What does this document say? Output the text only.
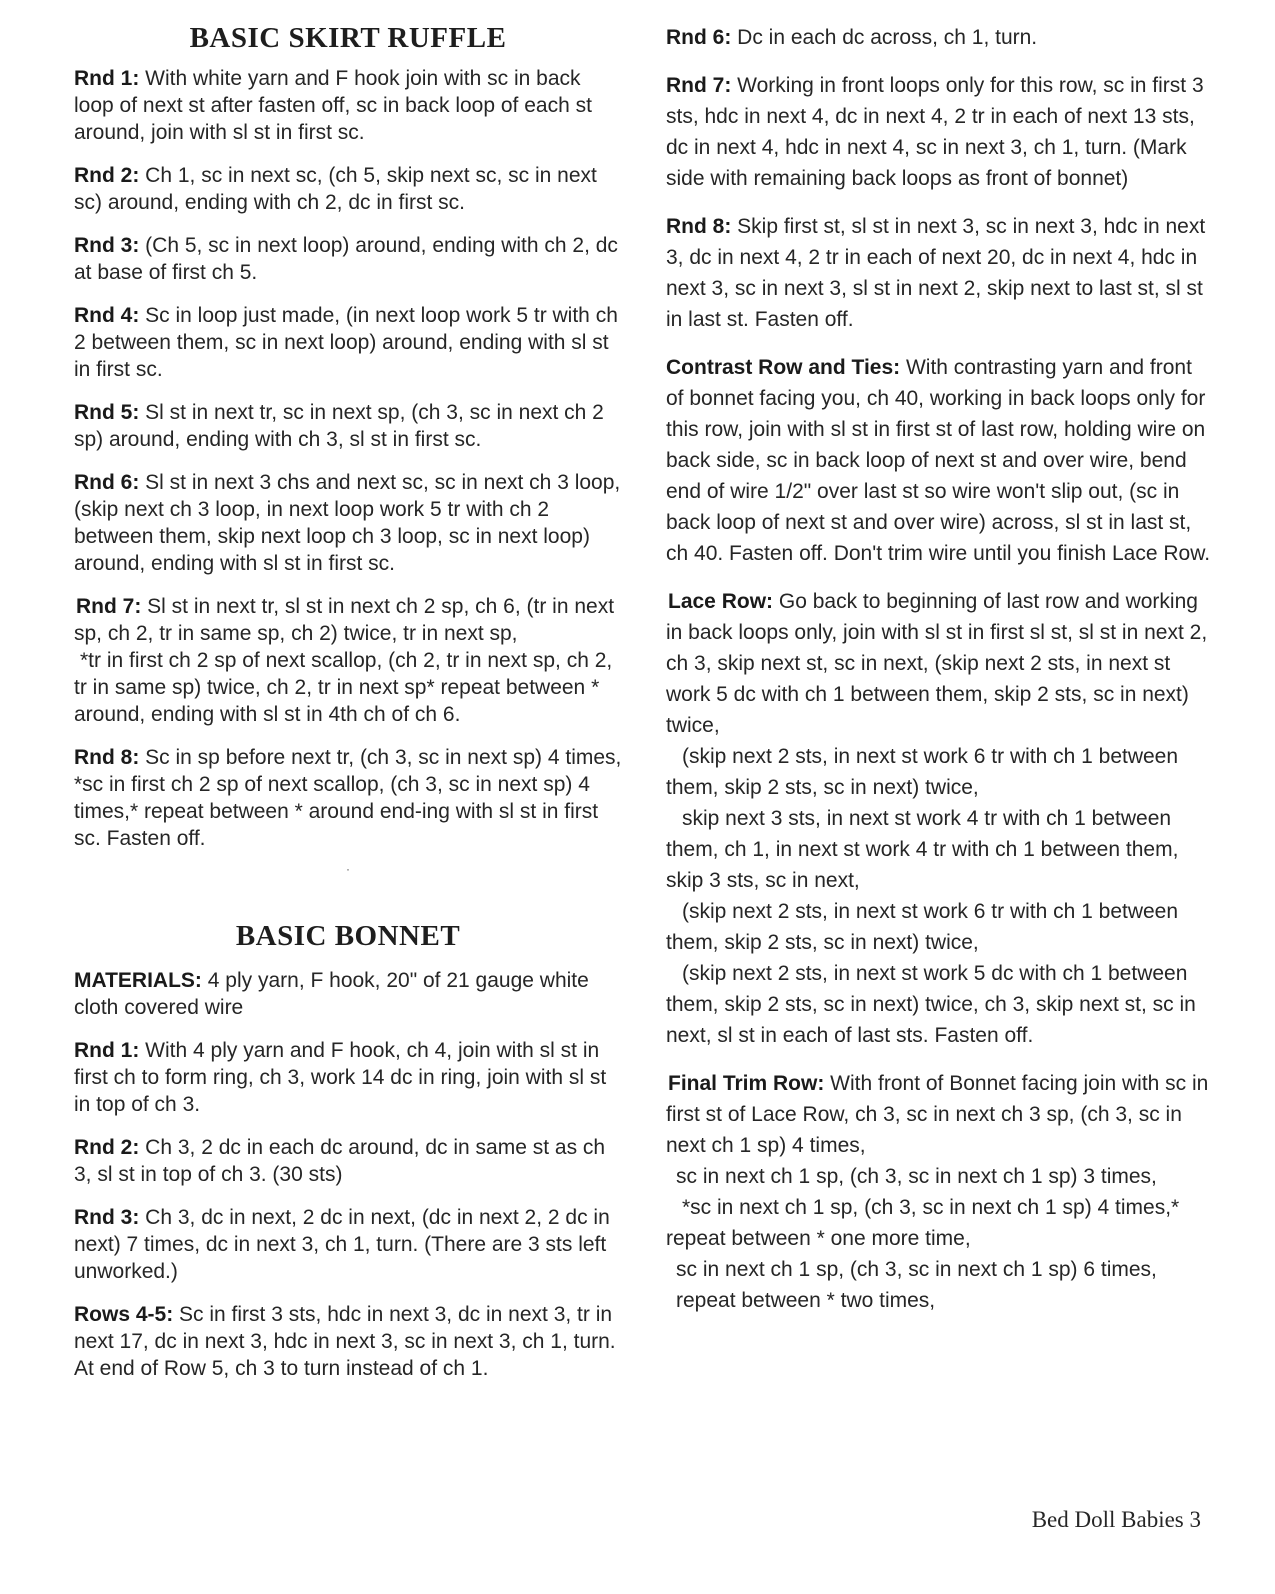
BASIC SKIRT RUFFLE

Rnd 1: With white yarn and F hook join with sc in back loop of next st after fasten off, sc in back loop of each st around, join with sl st in first sc.

Rnd 2: Ch 1, sc in next sc, (ch 5, skip next sc, sc in next sc) around, ending with ch 2, dc in first sc.

Rnd 3: (Ch 5, sc in next loop) around, ending with ch 2, dc at base of first ch 5.

Rnd 4: Sc in loop just made, (in next loop work 5 tr with ch 2 between them, sc in next loop) around, ending with sl st in first sc.

Rnd 5: Sl st in next tr, sc in next sp, (ch 3, sc in next ch 2 sp) around, ending with ch 3, sl st in first sc.

Rnd 6: Sl st in next 3 chs and next sc, sc in next ch 3 loop, (skip next ch 3 loop, in next loop work 5 tr with ch 2 between them, skip next loop ch 3 loop, sc in next loop) around, ending with sl st in first sc.

Rnd 7: Sl st in next tr, sl st in next ch 2 sp, ch 6, (tr in next sp, ch 2, tr in same sp, ch 2) twice, tr in next sp,

*tr in first ch 2 sp of next scallop, (ch 2, tr in next sp, ch 2, tr in same sp) twice, ch 2, tr in next sp* repeat between * around, ending with sl st in 4th ch of ch 6.

Rnd 8: Sc in sp before next tr, (ch 3, sc in next sp) 4 times, *sc in first ch 2 sp of next scallop, (ch 3, sc in next sp) 4 times,* repeat between * around end-ing with sl st in first sc. Fasten off.

·
BASIC BONNET

MATERIALS: 4 ply yarn, F hook, 20" of 21 gauge white cloth covered wire

Rnd 1: With 4 ply yarn and F hook, ch 4, join with sl st in first ch to form ring, ch 3, work 14 dc in ring, join with sl st in top of ch 3.

Rnd 2: Ch 3, 2 dc in each dc around, dc in same st as ch 3, sl st in top of ch 3. (30 sts)

Rnd 3: Ch 3, dc in next, 2 dc in next, (dc in next 2, 2 dc in next) 7 times, dc in next 3, ch 1, turn. (There are 3 sts left unworked.)

Rows 4-5: Sc in first 3 sts, hdc in next 3, dc in next 3, tr in next 17, dc in next 3, hdc in next 3, sc in next 3, ch 1, turn. At end of Row 5, ch 3 to turn instead of ch 1.

Rnd 6: Dc in each dc across, ch 1, turn.

Rnd 7: Working in front loops only for this row, sc in first 3 sts, hdc in next 4, dc in next 4, 2 tr in each of next 13 sts, dc in next 4, hdc in next 4, sc in next 3, ch 1, turn. (Mark side with remaining back loops as front of bonnet)

Rnd 8: Skip first st, sl st in next 3, sc in next 3, hdc in next 3, dc in next 4, 2 tr in each of next 20, dc in next 4, hdc in next 3, sc in next 3, sl st in next 2, skip next to last st, sl st in last st. Fasten off.

Contrast Row and Ties: With contrasting yarn and front of bonnet facing you, ch 40, working in back loops only for this row, join with sl st in first st of last row, holding wire on back side, sc in back loop of next st and over wire, bend end of wire 1/2" over last st so wire won't slip out, (sc in back loop of next st and over wire) across, sl st in last st, ch 40. Fasten off. Don't trim wire until you finish Lace Row.

Lace Row: Go back to beginning of last row and working in back loops only, join with sl st in first sl st, sl st in next 2, ch 3, skip next st, sc in next, (skip next 2 sts, in next st work 5 dc with ch 1 between them, skip 2 sts, sc in next) twice,

(skip next 2 sts, in next st work 6 tr with ch 1 between them, skip 2 sts, sc in next) twice,

skip next 3 sts, in next st work 4 tr with ch 1 between them, ch 1, in next st work 4 tr with ch 1 between them, skip 3 sts, sc in next,

(skip next 2 sts, in next st work 6 tr with ch 1 between them, skip 2 sts, sc in next) twice,

(skip next 2 sts, in next st work 5 dc with ch 1 between them, skip 2 sts, sc in next) twice, ch 3, skip next st, sc in next, sl st in each of last sts. Fasten off.

Final Trim Row: With front of Bonnet facing join with sc in first st of Lace Row, ch 3, sc in next ch 3 sp, (ch 3, sc in next ch 1 sp) 4 times,

sc in next ch 1 sp, (ch 3, sc in next ch 1 sp) 3 times,

*sc in next ch 1 sp, (ch 3, sc in next ch 1 sp) 4 times,* repeat between * one more time,

sc in next ch 1 sp, (ch 3, sc in next ch 1 sp) 6 times,

repeat between * two times,

Bed Doll Babies 3
